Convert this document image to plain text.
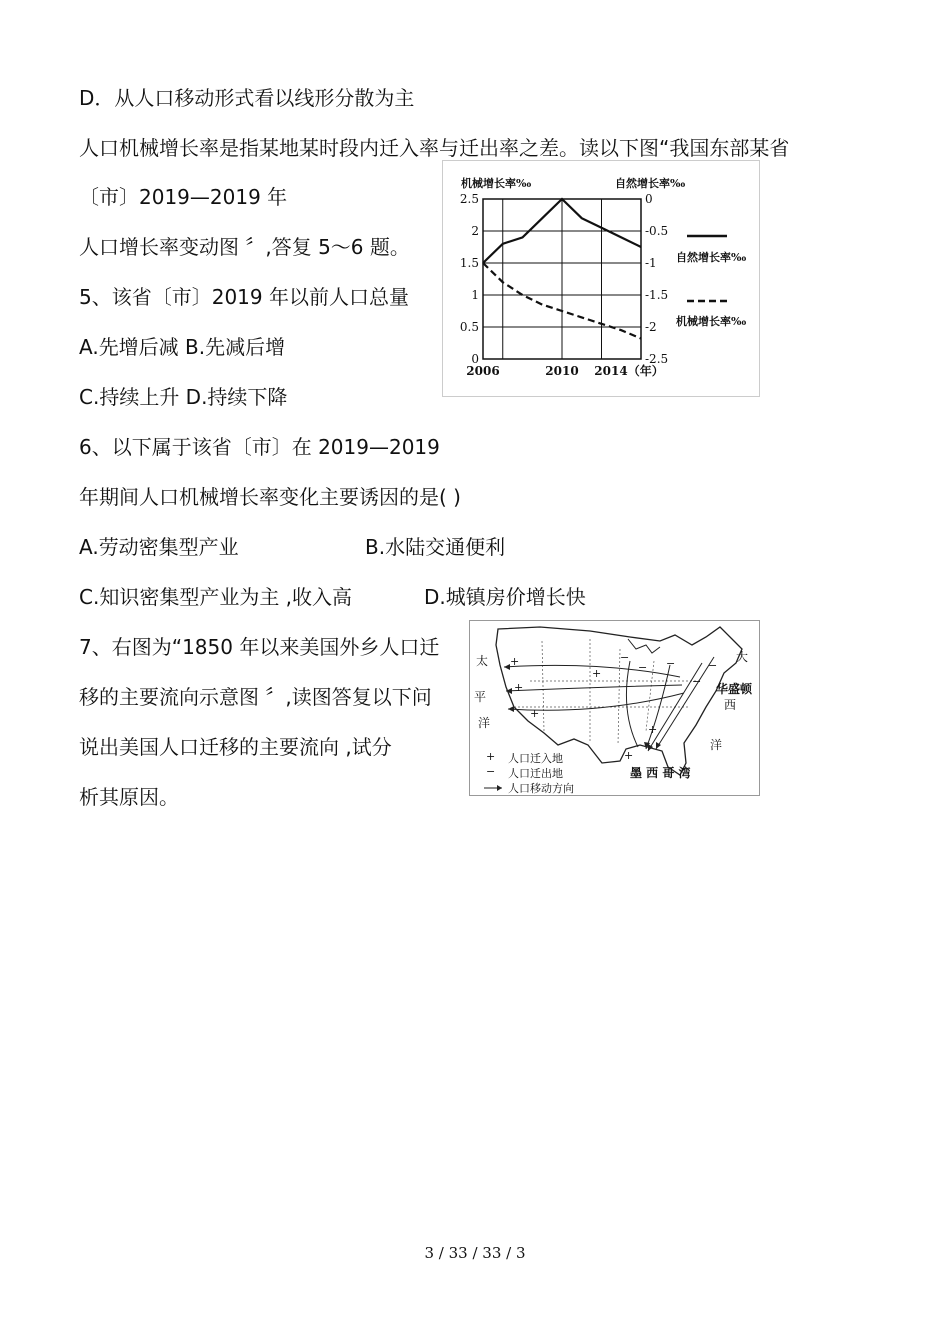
D．从人口移动形式看以线形分散为主
人口机械增长率是指某地某时段内迁入率与迁出率之差。读以下图“我国东部某省
〔市〕2019—2019 年
人口增长率变动图 〞,答复 5～6 题。
5、该省〔市〕2019 年以前人口总量
A.先增后减 B.先减后增
C.持续上升 D.持续下降
6、以下属于该省〔市〕在 2019—2019
年期间人口机械增长率变化主要诱因的是( )
A.劳动密集型产业	B.水陆交通便利
C.知识密集型产业为主 ,收入高	D.城镇房价增长快
7、右图为“1850 年以来美国外乡人口迁
移的主要流向示意图 〞,读图答复以下问
说出美国人口迁移的主要流向 ,试分
析其原因。
2.5	0
2	-0.5
1.5	-1
1	-1.5
0.5	-2
0	-2.5
2006	2010 2014（年）
机械增长率‰	自然增长率‰
自然增长率‰
机械增长率‰
+
+
+
+
+
+
−
−
−
−
−
太
平
洋
大
华盛顿
西
洋
墨 西 哥 湾
+ 人口迁入地
− 人口迁出地
人口移动方向
3 / 33 / 33 / 3
